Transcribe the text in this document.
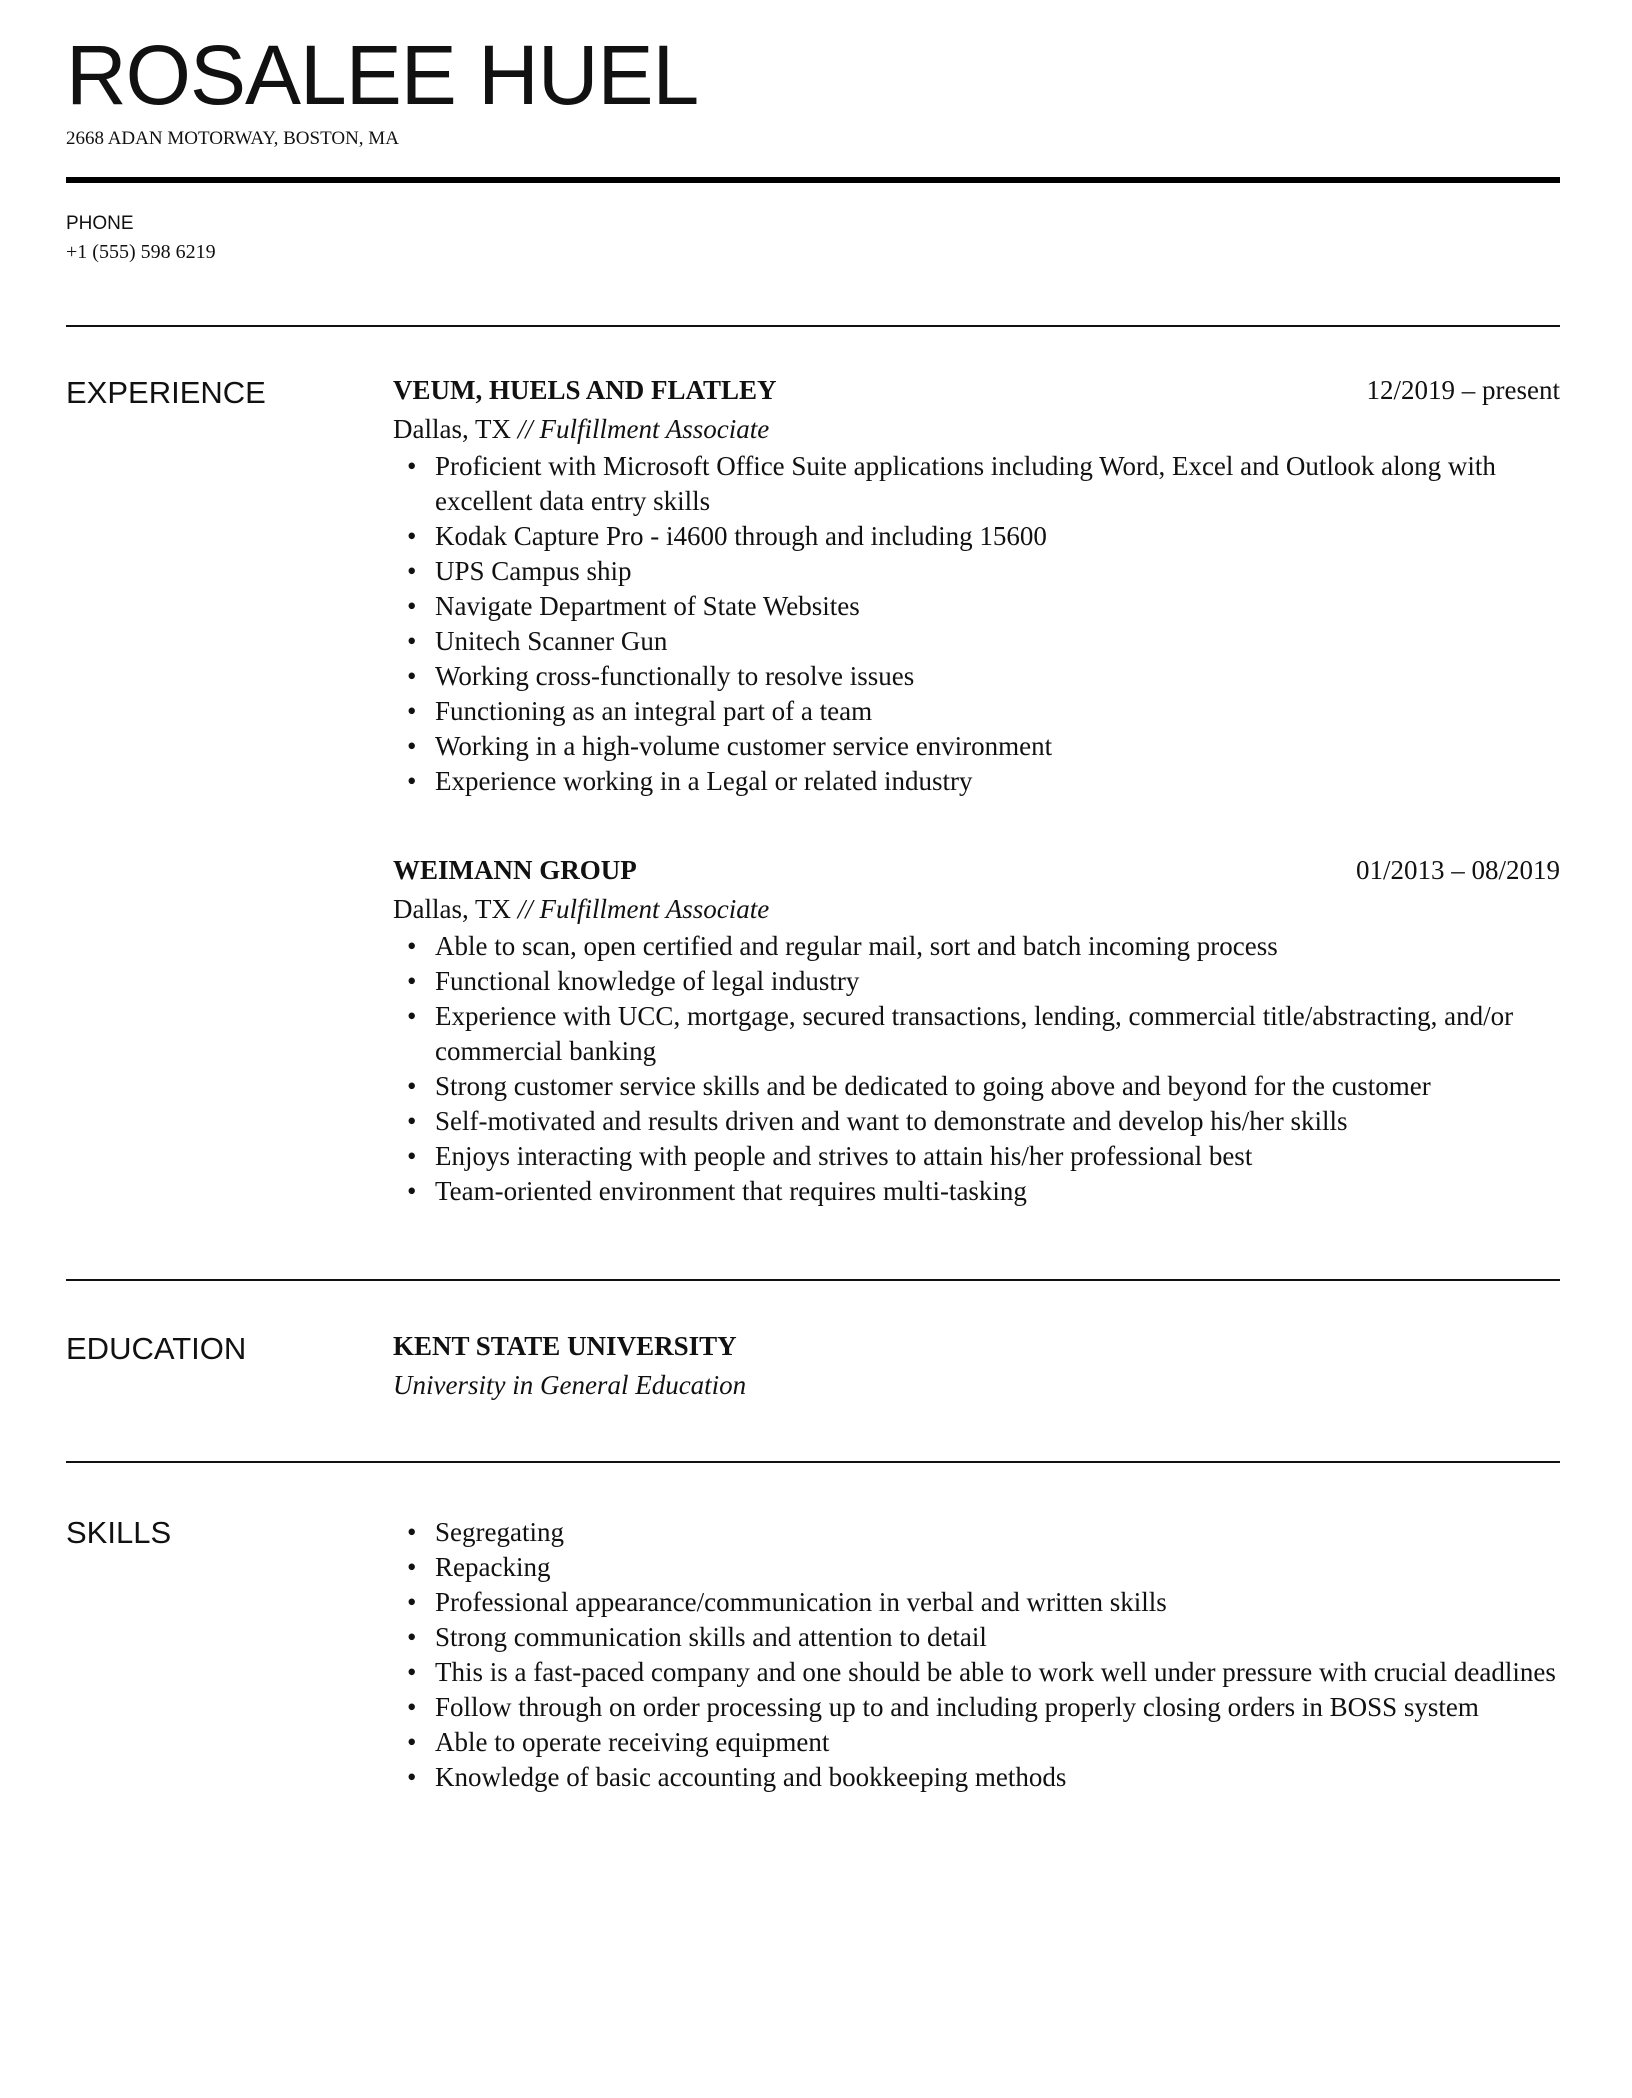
ROSALEE HUEL
2668 ADAN MOTORWAY, BOSTON, MA
PHONE
+1 (555) 598 6219
EXPERIENCE	VEUM, HUELS AND FLATLEY	12/2019 – present
Dallas, TX // Fulfillment Associate
• Proficient with Microsoft Office Suite applications including Word, Excel and Outlook along with excellent data entry skills
• Kodak Capture Pro - i4600 through and including 15600
• UPS Campus ship
• Navigate Department of State Websites
• Unitech Scanner Gun
• Working cross-functionally to resolve issues
• Functioning as an integral part of a team
• Working in a high-volume customer service environment
• Experience working in a Legal or related industry
WEIMANN GROUP	01/2013 – 08/2019
Dallas, TX // Fulfillment Associate
• Able to scan, open certified and regular mail, sort and batch incoming process
• Functional knowledge of legal industry
• Experience with UCC, mortgage, secured transactions, lending, commercial title/abstracting, and/or commercial banking
• Strong customer service skills and be dedicated to going above and beyond for the customer
• Self-motivated and results driven and want to demonstrate and develop his/her skills
• Enjoys interacting with people and strives to attain his/her professional best
• Team-oriented environment that requires multi-tasking
EDUCATION	KENT STATE UNIVERSITY
University in General Education
SKILLS	• Segregating
• Repacking
• Professional appearance/communication in verbal and written skills
• Strong communication skills and attention to detail
• This is a fast-paced company and one should be able to work well under pressure with crucial deadlines
• Follow through on order processing up to and including properly closing orders in BOSS system
• Able to operate receiving equipment
• Knowledge of basic accounting and bookkeeping methods
